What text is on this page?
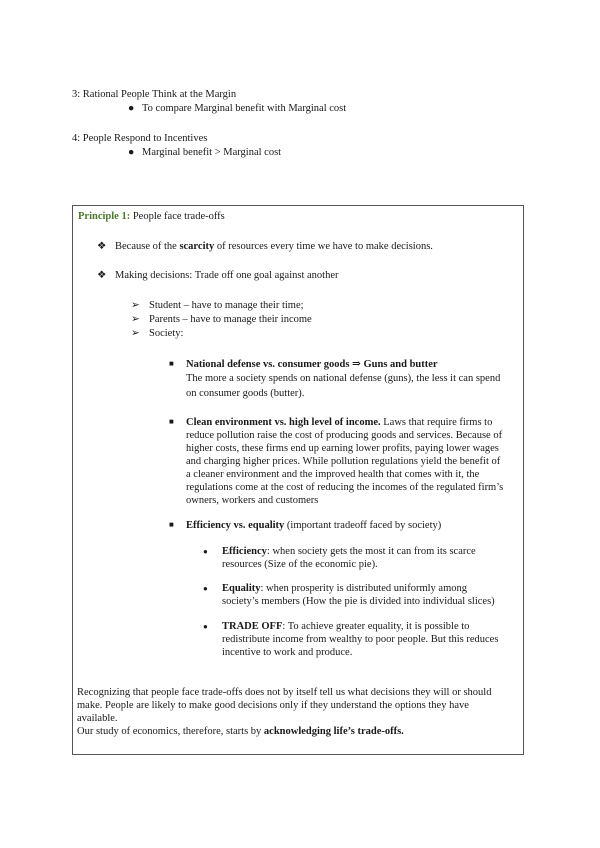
3: Rational People Think at the Margin
● To compare Marginal benefit with Marginal cost
4: People Respond to Incentives
● Marginal benefit > Marginal cost
Principle 1: People face trade-offs
❖ Because of the scarcity of resources every time we have to make decisions.
❖ Making decisions: Trade off one goal against another
➢ Student – have to manage their time;
➢ Parents – have to manage their income
➢ Society:
■ National defense vs. consumer goods ⇒ Guns and butter
The more a society spends on national defense (guns), the less it can spend
on consumer goods (butter).
■ Clean environment vs. high level of income. Laws that require firms to
reduce pollution raise the cost of producing goods and services. Because of
higher costs, these firms end up earning lower profits, paying lower wages
and charging higher prices. While pollution regulations yield the benefit of
a cleaner environment and the improved health that comes with it, the
regulations come at the cost of reducing the incomes of the regulated firm’s
owners, workers and customers
■ Efficiency vs. equality (important tradeoff faced by society)
● Efficiency: when society gets the most it can from its scarce
resources (Size of the economic pie).
● Equality: when prosperity is distributed uniformly among
society’s members (How the pie is divided into individual slices)
● TRADE OFF: To achieve greater equality, it is possible to
redistribute income from wealthy to poor people. But this reduces
incentive to work and produce.
Recognizing that people face trade-offs does not by itself tell us what decisions they will or should
make. People are likely to make good decisions only if they understand the options they have
available.
Our study of economics, therefore, starts by acknowledging life’s trade-offs.
